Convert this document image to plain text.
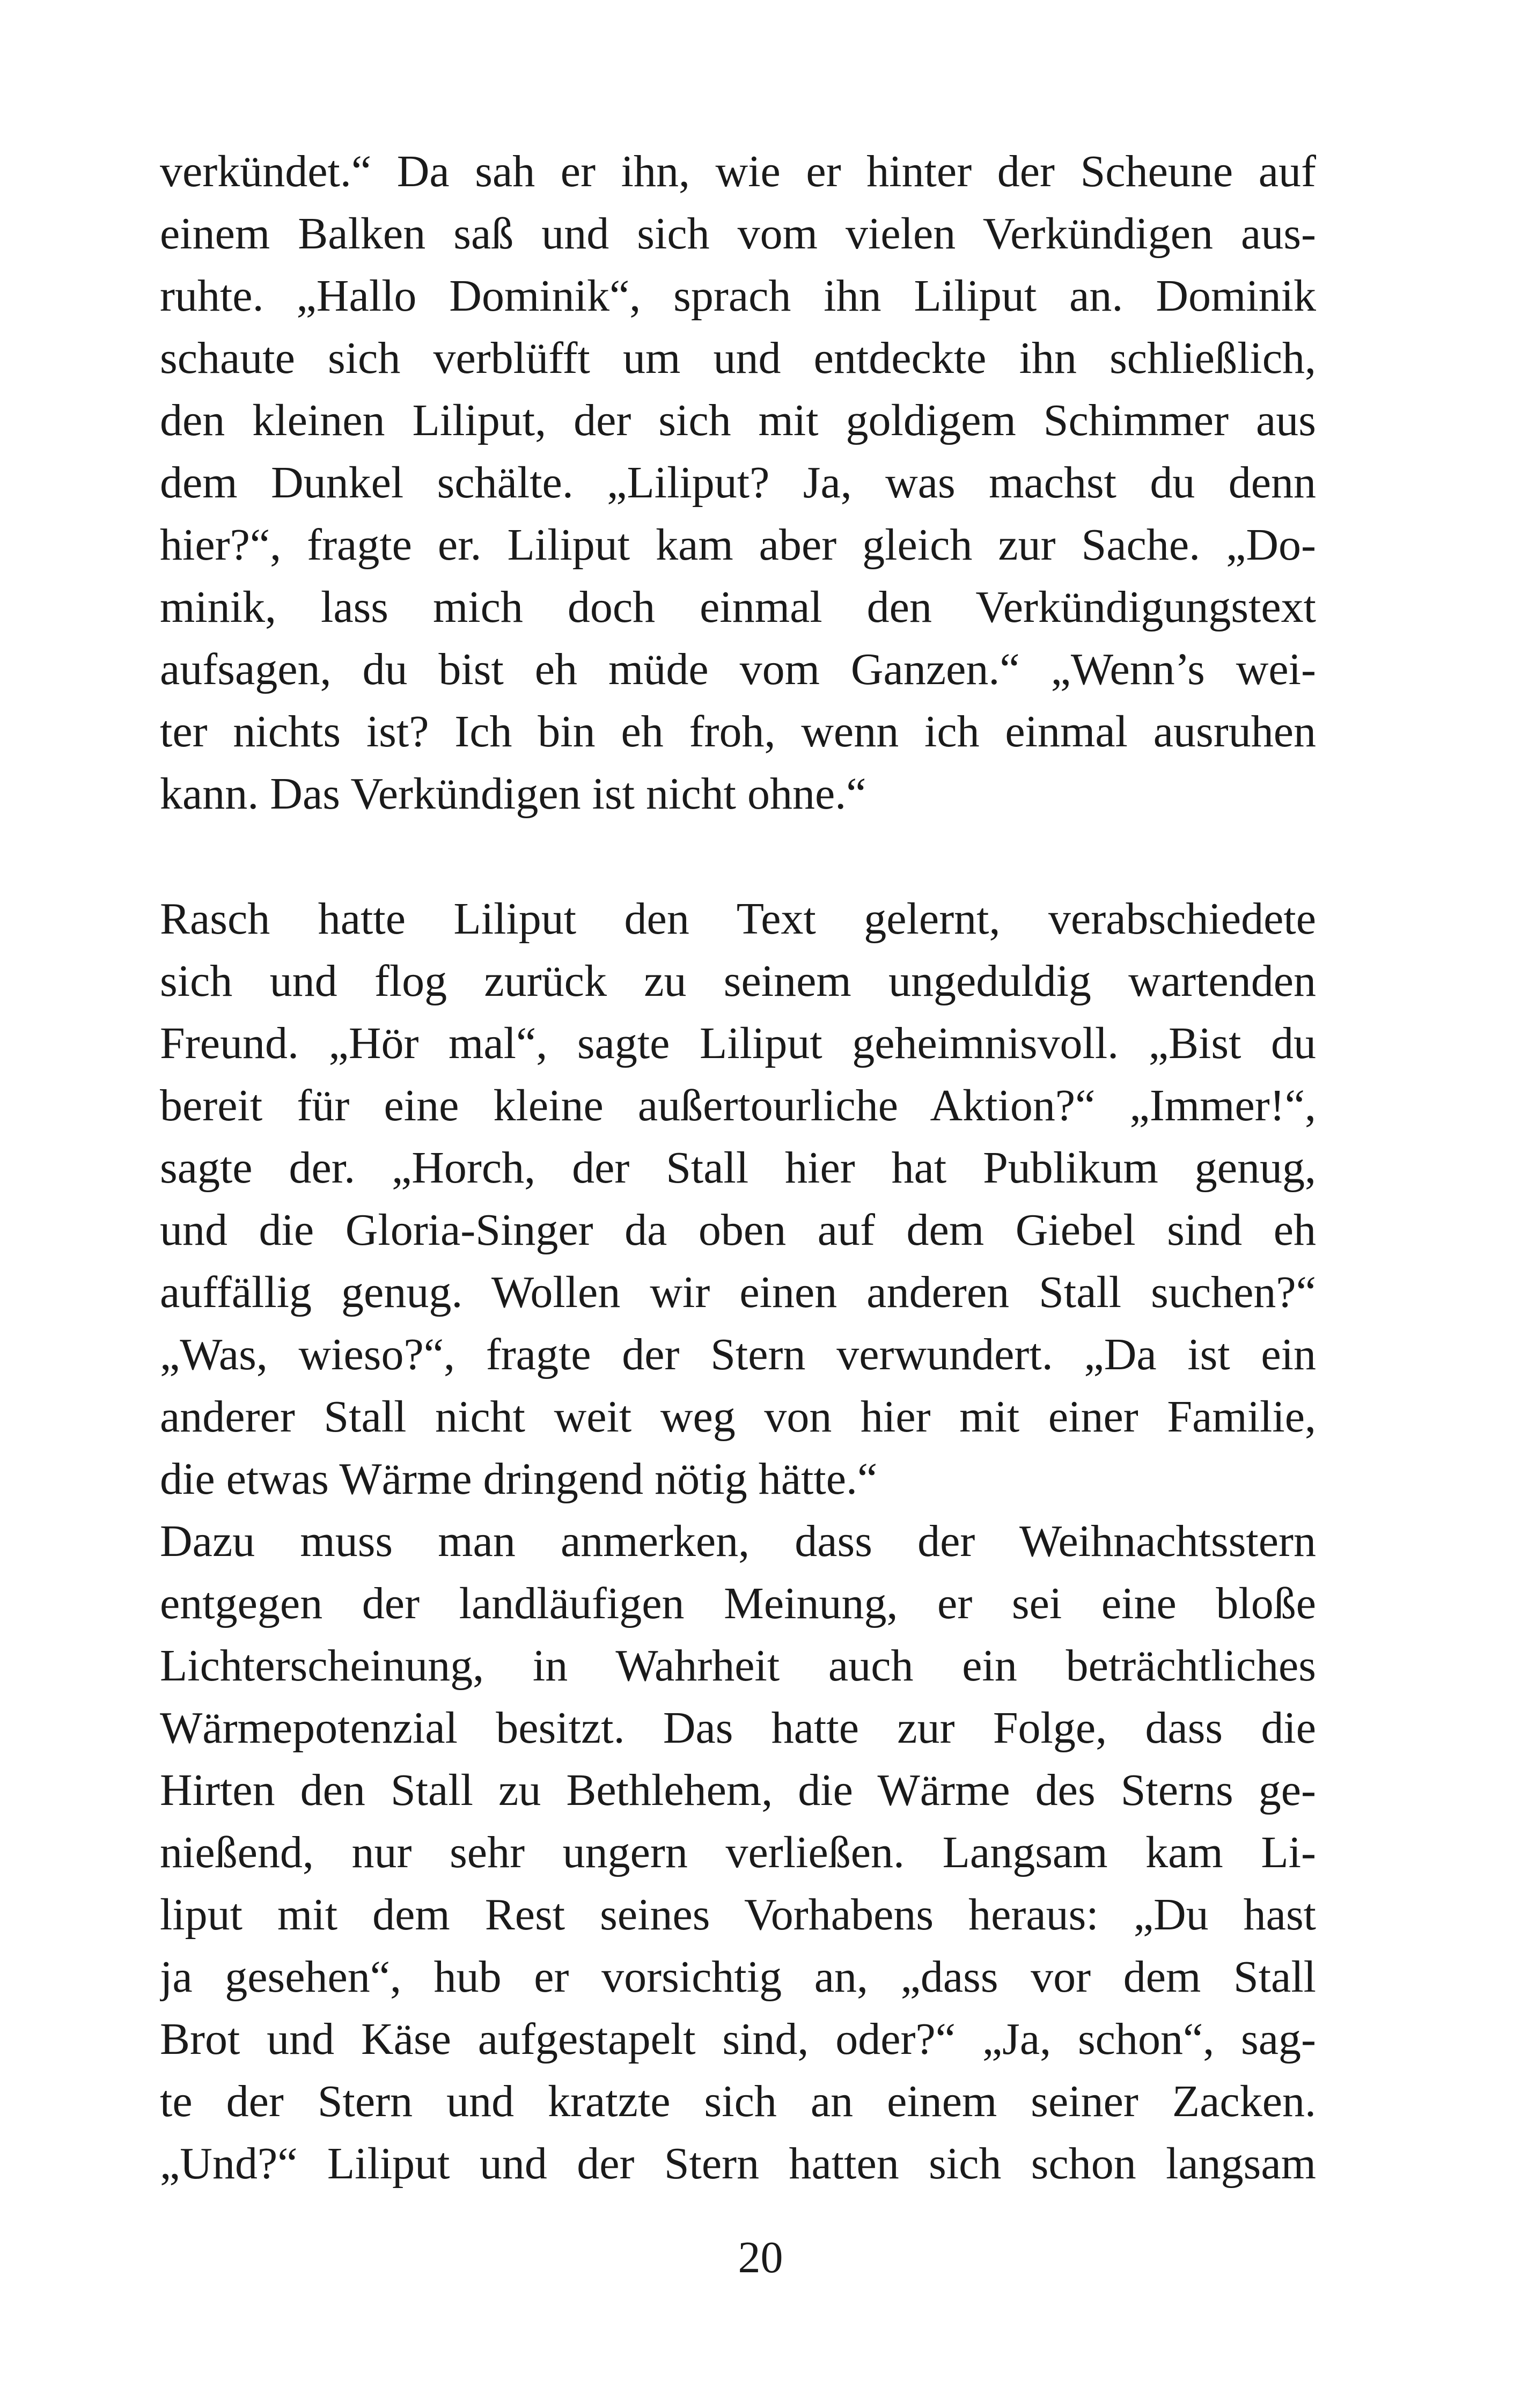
verkündet.“ Da sah er ihn, wie er hinter der Scheune auf
einem Balken saß und sich vom vielen Verkündigen aus-
ruhte. „Hallo Dominik“, sprach ihn Liliput an. Dominik
schaute sich verblüfft um und entdeckte ihn schließlich,
den kleinen Liliput, der sich mit goldigem Schimmer aus
dem Dunkel schälte. „Liliput? Ja, was machst du denn
hier?“, fragte er. Liliput kam aber gleich zur Sache. „Do-
minik, lass mich doch einmal den Verkündigungstext
aufsagen, du bist eh müde vom Ganzen.“ „Wenn’s wei-
ter nichts ist? Ich bin eh froh, wenn ich einmal ausruhen
kann. Das Verkündigen ist nicht ohne.“
Rasch hatte Liliput den Text gelernt, verabschiedete
sich und flog zurück zu seinem ungeduldig wartenden
Freund. „Hör mal“, sagte Liliput geheimnisvoll. „Bist du
bereit für eine kleine außertourliche Aktion?“ „Immer!“,
sagte der. „Horch, der Stall hier hat Publikum genug,
und die Gloria-Singer da oben auf dem Giebel sind eh
auffällig genug. Wollen wir einen anderen Stall suchen?“
„Was, wieso?“, fragte der Stern verwundert. „Da ist ein
anderer Stall nicht weit weg von hier mit einer Familie,
die etwas Wärme dringend nötig hätte.“
Dazu muss man anmerken, dass der Weihnachtsstern
entgegen der landläufigen Meinung, er sei eine bloße
Lichterscheinung, in Wahrheit auch ein beträchtliches
Wärmepotenzial besitzt. Das hatte zur Folge, dass die
Hirten den Stall zu Bethlehem, die Wärme des Sterns ge-
nießend, nur sehr ungern verließen. Langsam kam Li-
liput mit dem Rest seines Vorhabens heraus: „Du hast
ja gesehen“, hub er vorsichtig an, „dass vor dem Stall
Brot und Käse aufgestapelt sind, oder?“ „Ja, schon“, sag-
te der Stern und kratzte sich an einem seiner Zacken.
„Und?“ Liliput und der Stern hatten sich schon langsam
20
